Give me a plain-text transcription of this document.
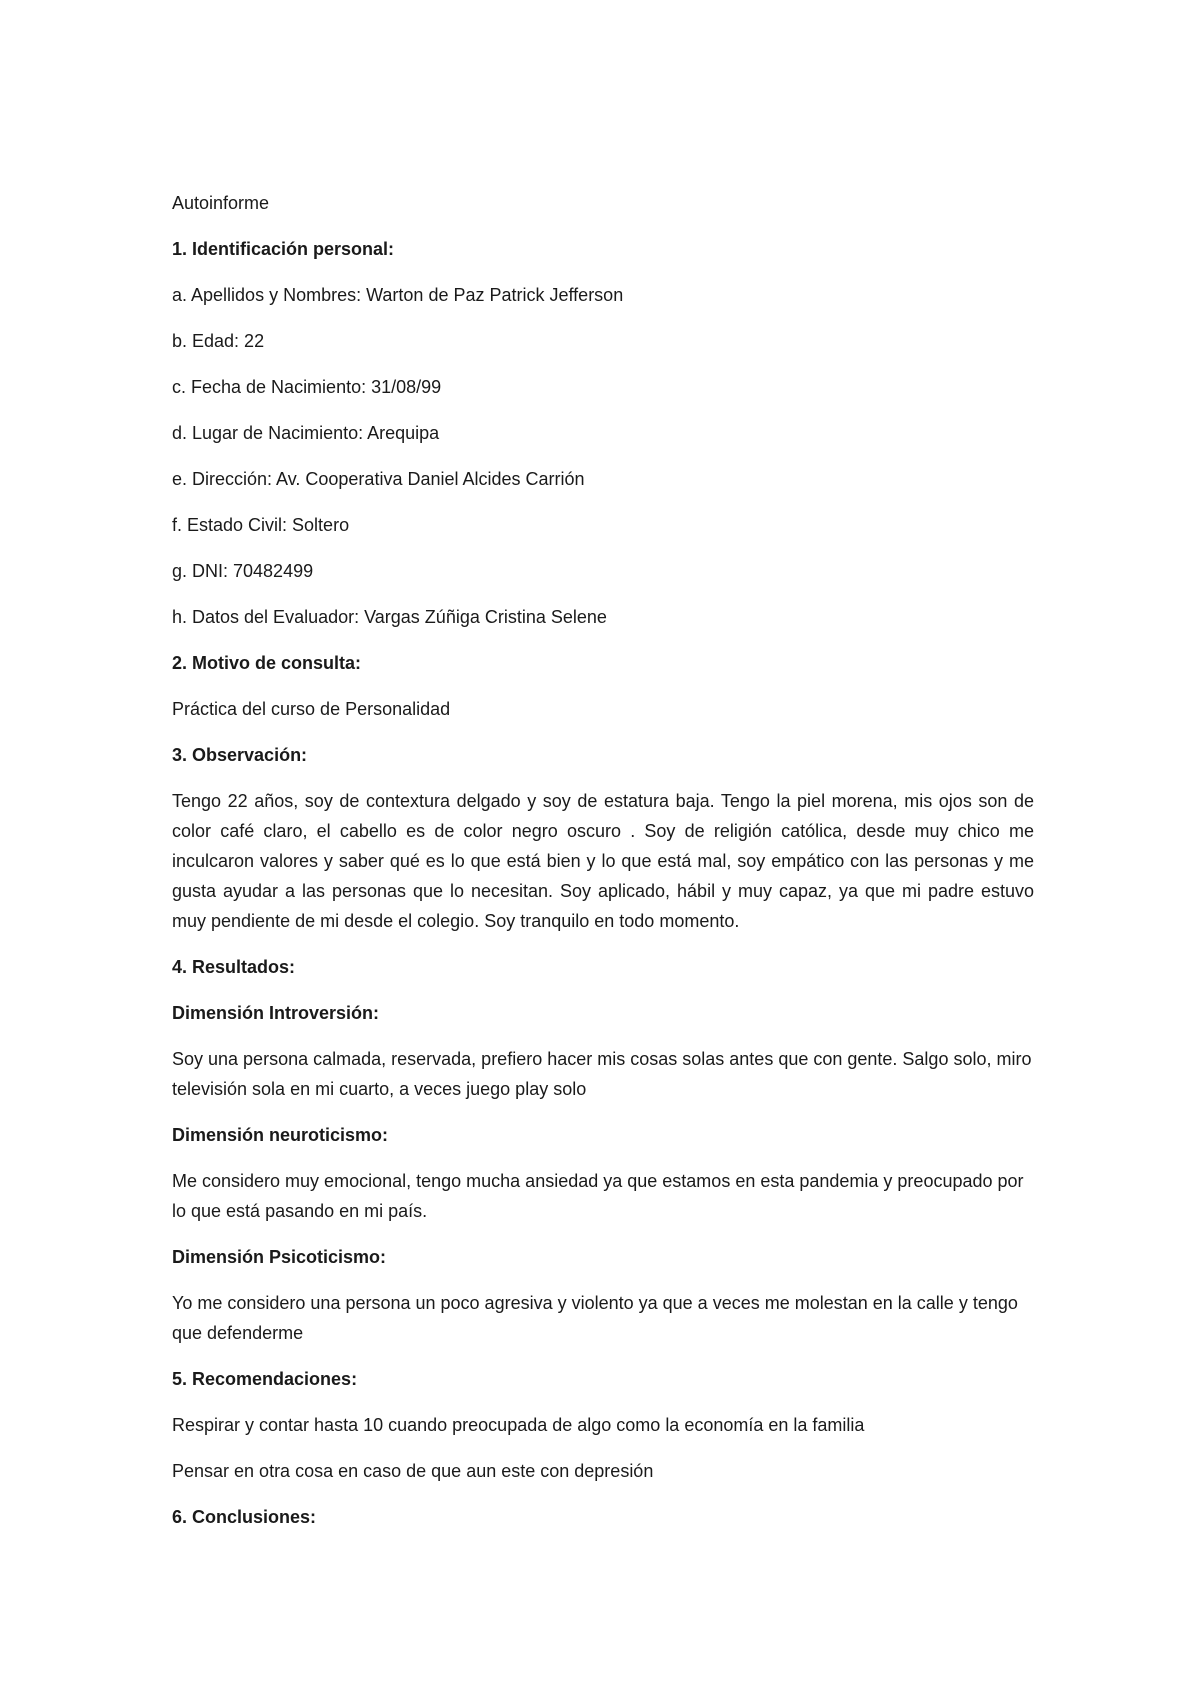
Autoinforme

1. Identificación personal:

a. Apellidos y Nombres: Warton de Paz Patrick Jefferson

b. Edad: 22

c. Fecha de Nacimiento: 31/08/99

d. Lugar de Nacimiento: Arequipa

e. Dirección: Av. Cooperativa Daniel Alcides Carrión

f. Estado Civil: Soltero

g. DNI: 70482499

h. Datos del Evaluador: Vargas Zúñiga Cristina Selene

2. Motivo de consulta:

Práctica del curso de Personalidad

3. Observación:

Tengo 22 años, soy de contextura delgado y soy de estatura baja. Tengo la piel morena, mis ojos son de color café claro, el cabello es de color negro oscuro . Soy de religión católica, desde muy chico me inculcaron valores y saber qué es lo que está bien y lo que está mal, soy empático con las personas y me gusta ayudar a las personas que lo necesitan. Soy aplicado, hábil y muy capaz, ya que mi padre estuvo muy pendiente de mi desde el colegio. Soy tranquilo en todo momento.

4. Resultados:

Dimensión Introversión:

Soy una persona calmada, reservada, prefiero hacer mis cosas solas antes que con gente. Salgo solo, miro televisión sola en mi cuarto, a veces juego play solo

Dimensión neuroticismo:

Me considero muy emocional, tengo mucha ansiedad ya que estamos en esta pandemia y preocupado por lo que está pasando en mi país.

Dimensión Psicoticismo:

Yo me considero una persona un poco agresiva y violento ya que a veces me molestan en la calle y tengo que defenderme

5. Recomendaciones:

Respirar y contar hasta 10 cuando preocupada de algo como la economía en la familia

Pensar en otra cosa en caso de que aun este con depresión

6. Conclusiones:
